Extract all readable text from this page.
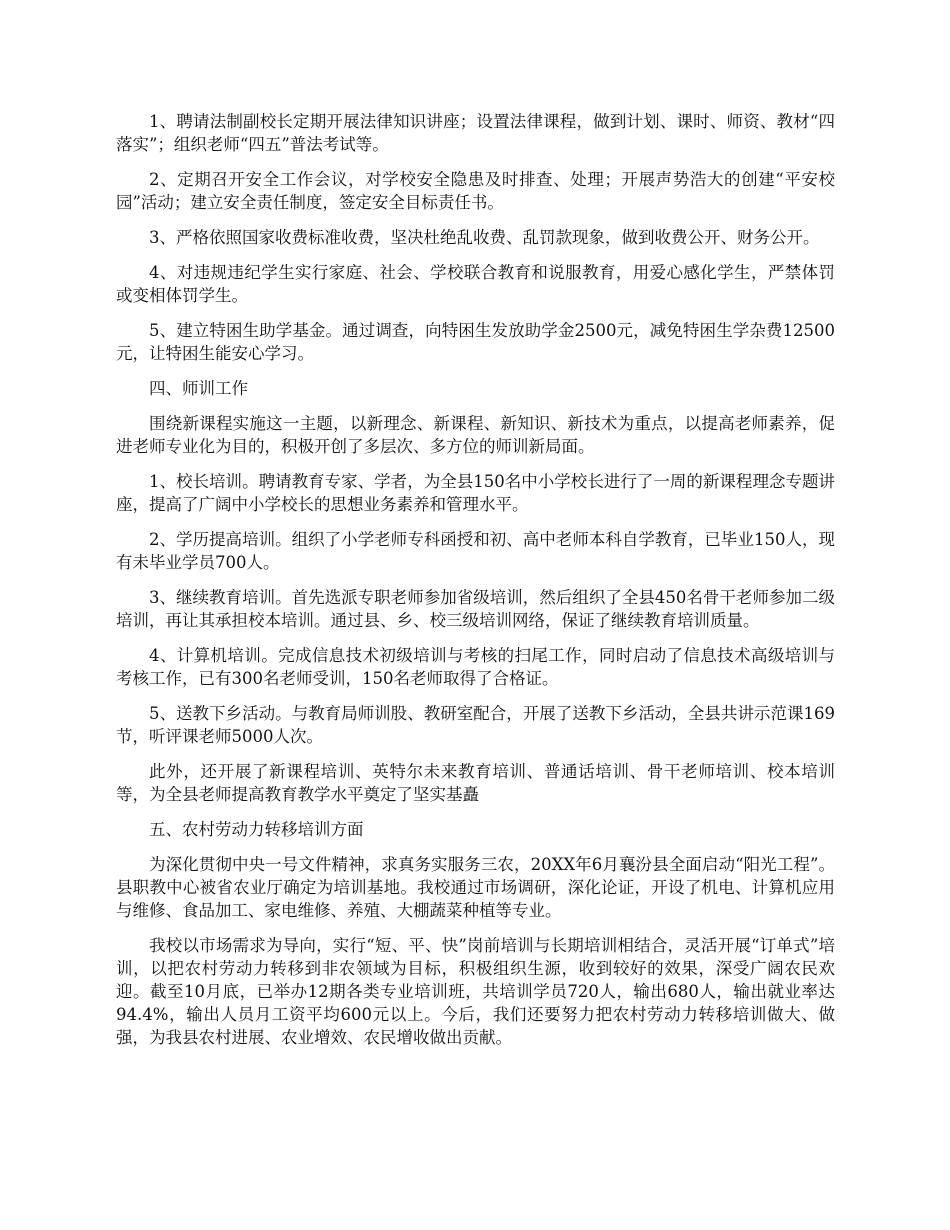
1、聘请法制副校长定期开展法律知识讲座；设置法律课程，做到计划、课时、师资、教材“四落实”；组织老师“四五”普法考试等。

2、定期召开安全工作会议，对学校安全隐患及时排查、处理；开展声势浩大的创建“平安校园”活动；建立安全责任制度，签定安全目标责任书。

3、严格依照国家收费标准收费，坚决杜绝乱收费、乱罚款现象，做到收费公开、财务公开。

4、对违规违纪学生实行家庭、社会、学校联合教育和说服教育，用爱心感化学生，严禁体罚或变相体罚学生。

5、建立特困生助学基金。通过调查，向特困生发放助学金2500元，减免特困生学杂费12500元，让特困生能安心学习。

四、师训工作

围绕新课程实施这一主题，以新理念、新课程、新知识、新技术为重点，以提高老师素养，促进老师专业化为目的，积极开创了多层次、多方位的师训新局面。

1、校长培训。聘请教育专家、学者，为全县150名中小学校长进行了一周的新课程理念专题讲座，提高了广阔中小学校长的思想业务素养和管理水平。

2、学历提高培训。组织了小学老师专科函授和初、高中老师本科自学教育，已毕业150人，现有未毕业学员700人。

3、继续教育培训。首先选派专职老师参加省级培训，然后组织了全县450名骨干老师参加二级培训，再让其承担校本培训。通过县、乡、校三级培训网络，保证了继续教育培训质量。

4、计算机培训。完成信息技术初级培训与考核的扫尾工作，同时启动了信息技术高级培训与考核工作，已有300名老师受训，150名老师取得了合格证。

5、送教下乡活动。与教育局师训股、教研室配合，开展了送教下乡活动，全县共讲示范课169节，听评课老师5000人次。

此外，还开展了新课程培训、英特尔未来教育培训、普通话培训、骨干老师培训、校本培训等，为全县老师提高教育教学水平奠定了坚实基矗

五、农村劳动力转移培训方面

为深化贯彻中央一号文件精神，求真务实服务三农，20XX年6月襄汾县全面启动“阳光工程”。县职教中心被省农业厅确定为培训基地。我校通过市场调研，深化论证，开设了机电、计算机应用与维修、食品加工、家电维修、养殖、大棚蔬菜种植等专业。

我校以市场需求为导向，实行“短、平、快”岗前培训与长期培训相结合，灵活开展“订单式”培训，以把农村劳动力转移到非农领域为目标，积极组织生源，收到较好的效果，深受广阔农民欢迎。截至10月底，已举办12期各类专业培训班，共培训学员720人，输出680人，输出就业率达94.4%，输出人员月工资平均600元以上。今后，我们还要努力把农村劳动力转移培训做大、做强，为我县农村进展、农业增效、农民增收做出贡献。
